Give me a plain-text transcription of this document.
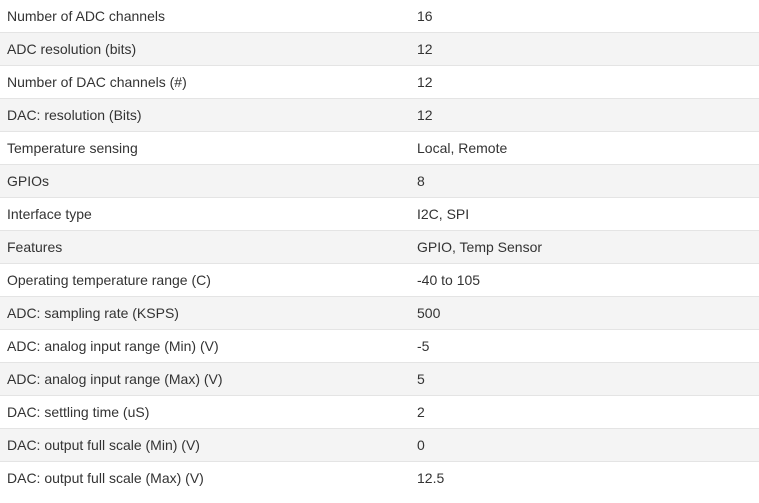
Number of ADC channels	16
ADC resolution (bits)	12
Number of DAC channels (#)	12
DAC: resolution (Bits)	12
Temperature sensing	Local, Remote
GPIOs	8
Interface type	I2C, SPI
Features	GPIO, Temp Sensor
Operating temperature range (C)	-40 to 105
ADC: sampling rate (KSPS)	500
ADC: analog input range (Min) (V)	-5
ADC: analog input range (Max) (V)	5
DAC: settling time (uS)	2
DAC: output full scale (Min) (V)	0
DAC: output full scale (Max) (V)	12.5
